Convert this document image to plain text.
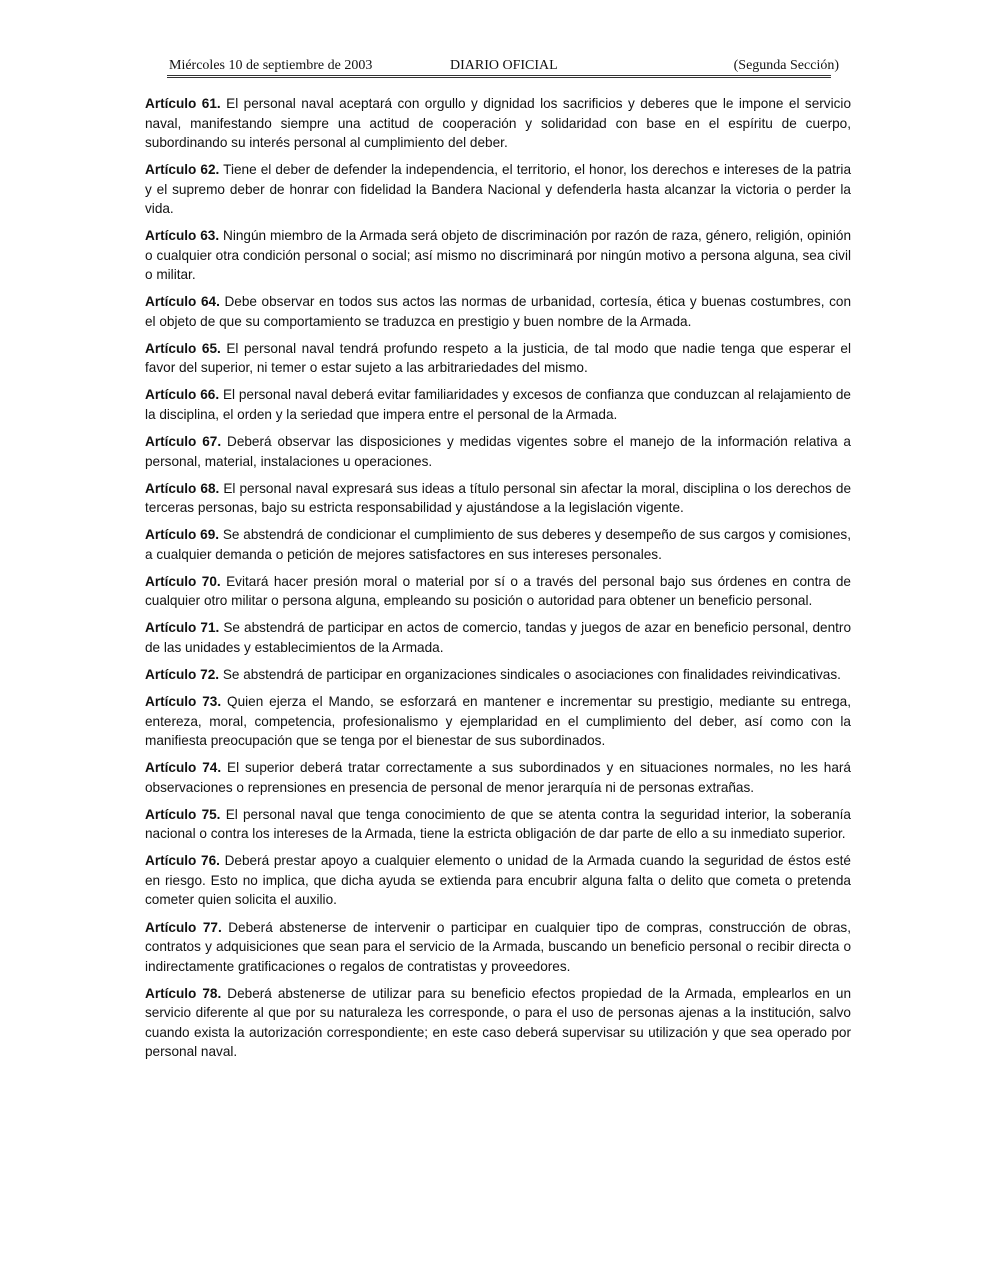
Miércoles 10 de septiembre de 2003	DIARIO OFICIAL	(Segunda Sección)

Artículo 61. El personal naval aceptará con orgullo y dignidad los sacrificios y deberes que le impone el servicio naval, manifestando siempre una actitud de cooperación y solidaridad con base en el espíritu de cuerpo, subordinando su interés personal al cumplimiento del deber.

Artículo 62. Tiene el deber de defender la independencia, el territorio, el honor, los derechos e intereses de la patria y el supremo deber de honrar con fidelidad la Bandera Nacional y defenderla hasta alcanzar la victoria o perder la vida.

Artículo 63. Ningún miembro de la Armada será objeto de discriminación por razón de raza, género, religión, opinión o cualquier otra condición personal o social; así mismo no discriminará por ningún motivo a persona alguna, sea civil o militar.

Artículo 64. Debe observar en todos sus actos las normas de urbanidad, cortesía, ética y buenas costumbres, con el objeto de que su comportamiento se traduzca en prestigio y buen nombre de la Armada.

Artículo 65. El personal naval tendrá profundo respeto a la justicia, de tal modo que nadie tenga que esperar el favor del superior, ni temer o estar sujeto a las arbitrariedades del mismo.

Artículo 66. El personal naval deberá evitar familiaridades y excesos de confianza que conduzcan al relajamiento de la disciplina, el orden y la seriedad que impera entre el personal de la Armada.

Artículo 67. Deberá observar las disposiciones y medidas vigentes sobre el manejo de la información relativa a personal, material, instalaciones u operaciones.

Artículo 68. El personal naval expresará sus ideas a título personal sin afectar la moral, disciplina o los derechos de terceras personas, bajo su estricta responsabilidad y ajustándose a la legislación vigente.

Artículo 69. Se abstendrá de condicionar el cumplimiento de sus deberes y desempeño de sus cargos y comisiones, a cualquier demanda o petición de mejores satisfactores en sus intereses personales.

Artículo 70. Evitará hacer presión moral o material por sí o a través del personal bajo sus órdenes en contra de cualquier otro militar o persona alguna, empleando su posición o autoridad para obtener un beneficio personal.

Artículo 71. Se abstendrá de participar en actos de comercio, tandas y juegos de azar en beneficio personal, dentro de las unidades y establecimientos de la Armada.

Artículo 72. Se abstendrá de participar en organizaciones sindicales o asociaciones con finalidades reivindicativas.

Artículo 73. Quien ejerza el Mando, se esforzará en mantener e incrementar su prestigio, mediante su entrega, entereza, moral, competencia, profesionalismo y ejemplaridad en el cumplimiento del deber, así como con la manifiesta preocupación que se tenga por el bienestar de sus subordinados.

Artículo 74. El superior deberá tratar correctamente a sus subordinados y en situaciones normales, no les hará observaciones o reprensiones en presencia de personal de menor jerarquía ni de personas extrañas.

Artículo 75. El personal naval que tenga conocimiento de que se atenta contra la seguridad interior, la soberanía nacional o contra los intereses de la Armada, tiene la estricta obligación de dar parte de ello a su inmediato superior.

Artículo 76. Deberá prestar apoyo a cualquier elemento o unidad de la Armada cuando la seguridad de éstos esté en riesgo. Esto no implica, que dicha ayuda se extienda para encubrir alguna falta o delito que cometa o pretenda cometer quien solicita el auxilio.

Artículo 77. Deberá abstenerse de intervenir o participar en cualquier tipo de compras, construcción de obras, contratos y adquisiciones que sean para el servicio de la Armada, buscando un beneficio personal o recibir directa o indirectamente gratificaciones o regalos de contratistas y proveedores.

Artículo 78. Deberá abstenerse de utilizar para su beneficio efectos propiedad de la Armada, emplearlos en un servicio diferente al que por su naturaleza les corresponde, o para el uso de personas ajenas a la institución, salvo cuando exista la autorización correspondiente; en este caso deberá supervisar su utilización y que sea operado por personal naval.
